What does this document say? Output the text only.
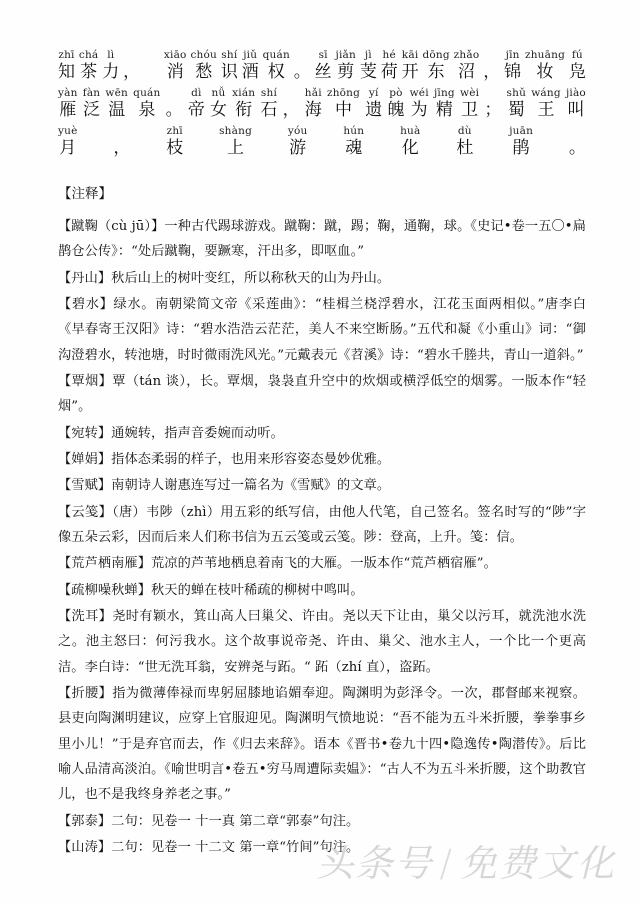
zhī
知
chá
茶
lì
力 ，
xiāo
消
chóu
愁
shí
识
jiǔ
酒
quán
权 。
sī
丝
jiǎn
剪
jì
芰
hé
荷
kāi
开
dōng
东
zhǎo
沼 ，
jīn
锦
zhuāng
妆
fú
凫
yàn
雁
fàn
泛
wēn
温
quán
泉 。
dì
帝
nǚ
女
xián
衔
shí
石 ，
hǎi
海
zhōng
中
yí
遗
pò
魄
wéi
为
jīng
精
wèi
卫 ；
shǔ
蜀
wáng
王
jiào
叫
yuè
月 ，
zhī
枝
shàng
上
yóu
游
hún
魂
huà
化
dù
杜
juān
鹃 。
【注释】

【蹴鞠（cù jū）】一种古代踢球游戏。蹴鞠：蹴，踢；鞠，通鞠，球。《史记•卷一五〇•扁鹊仓公传》：“处后蹴鞠，要蹶寒，汗出多，即呕血。”

【丹山】秋后山上的树叶变红，所以称秋天的山为丹山。

【碧水】绿水。南朝梁简文帝《采莲曲》：“桂楫兰桡浮碧水，江花玉面两相似。”唐李白《早春寄王汉阳》诗：“碧水浩浩云茫茫，美人不来空断肠。”五代和凝《小重山》词：“御沟澄碧水，转池塘，时时微雨洗风光。”元戴表元《苕溪》诗：“碧水千塍共，青山一道斜。”

【覃烟】覃（tán 谈），长。覃烟，袅袅直升空中的炊烟或横浮低空的烟雾。一版本作“轻烟”。

【宛转】通婉转，指声音委婉而动听。

【婵娟】指体态柔弱的样子，也用来形容姿态曼妙优雅。

【雪赋】南朝诗人谢惠连写过一篇名为《雪赋》的文章。

【云笺】（唐）韦陟（zhì）用五彩的纸写信，由他人代笔，自己签名。签名时写的“陟”字像五朵云彩，因而后来人们称书信为五云笺或云笺。陟：登高，上升。笺：信。

【荒芦栖南雁】荒凉的芦苇地栖息着南飞的大雁。一版本作“荒芦栖宿雁”。

【疏柳噪秋蝉】秋天的蝉在枝叶稀疏的柳树中鸣叫。

【洗耳】尧时有颖水，箕山高人曰巢父、许由。尧以天下让由，巢父以污耳，就洗池水洗之。池主怒曰：何污我水。这个故事说帝尧、许由、巢父、池水主人，一个比一个更高洁。李白诗：“世无洗耳翁，安辨尧与跖。“ 跖（zhí 直），盗跖。

【折腰】指为微薄俸禄而卑躬屈膝地谄媚奉迎。陶渊明为彭泽令。一次，郡督邮来视察。县吏向陶渊明建议，应穿上官服迎见。陶渊明气愤地说：“吾不能为五斗米折腰，拳拳事乡里小儿！”于是弃官而去，作《归去来辞》。语本《晋书•卷九十四•隐逸传•陶潜传》。后比喻人品清高淡泊。《喻世明言•卷五•穷马周遭际卖媪》：“古人不为五斗米折腰，这个助教官儿，也不是我终身养老之事。”

【郭泰】二句：见卷一 十一真 第二章“郭泰”句注。

【山涛】二句：见卷一 十二文 第一章“竹间”句注。

头条号 / 免费文化
